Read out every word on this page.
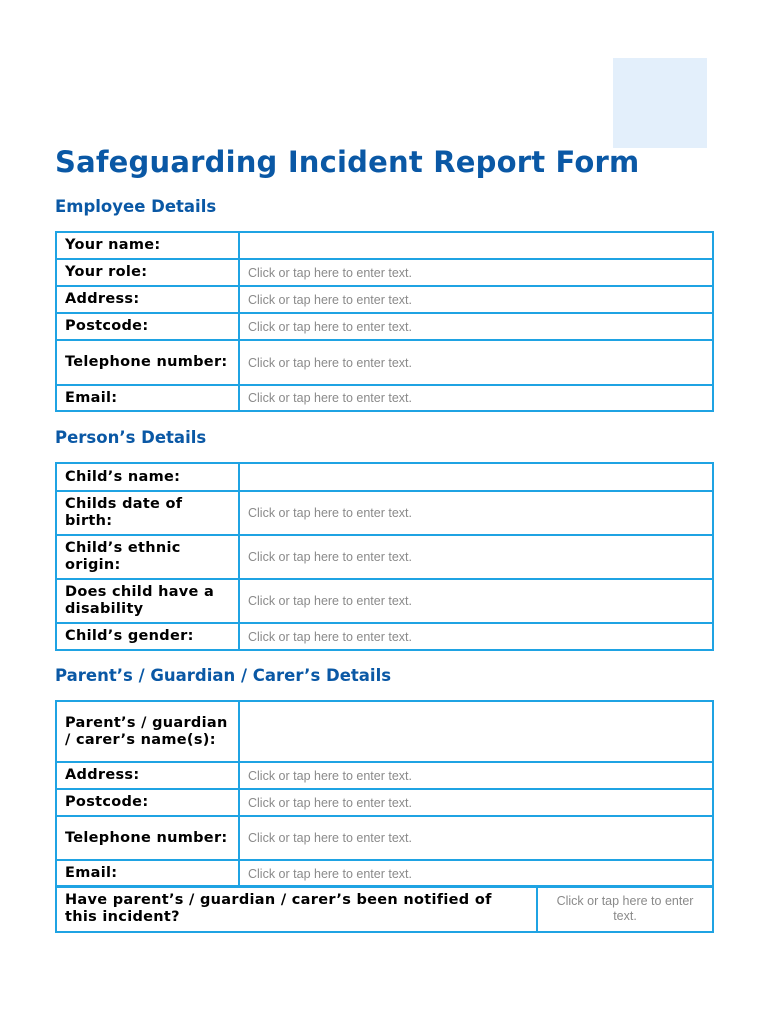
Safeguarding Incident Report Form
Employee Details
Your name:	
Your role:	Click or tap here to enter text.
Address:	Click or tap here to enter text.
Postcode:	Click or tap here to enter text.
Telephone number:	Click or tap here to enter text.
Email:	Click or tap here to enter text.
Person’s Details
Child’s name:	
Childs date of birth:	Click or tap here to enter text.
Child’s ethnic origin:	Click or tap here to enter text.
Does child have a disability	Click or tap here to enter text.
Child’s gender:	Click or tap here to enter text.
Parent’s / Guardian / Carer’s Details
Parent’s / guardian / carer’s name(s):	
Address:	Click or tap here to enter text.
Postcode:	Click or tap here to enter text.
Telephone number:	Click or tap here to enter text.
Email:	Click or tap here to enter text.
Have parent’s / guardian / carer’s been notified of this incident?	Click or tap here to enter text.
